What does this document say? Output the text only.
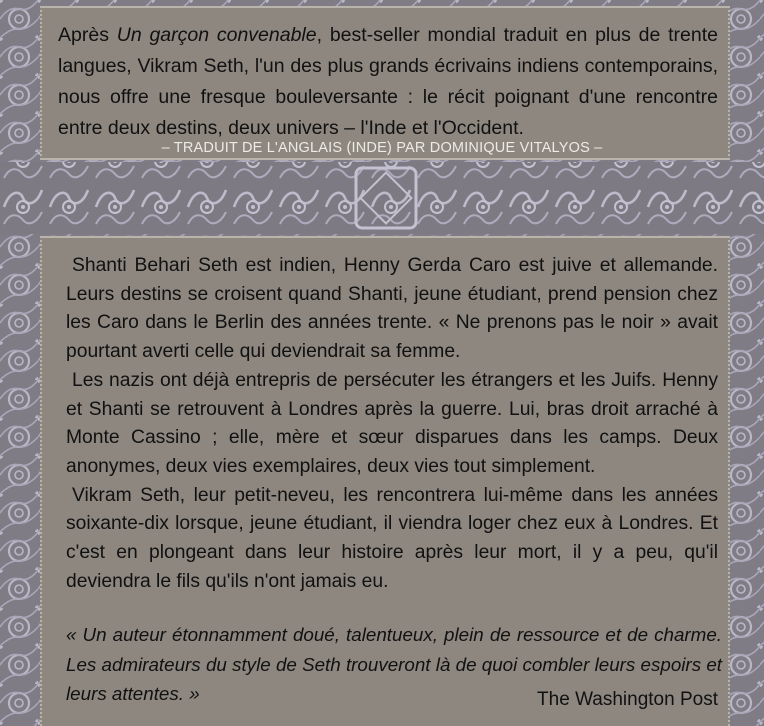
Après Un garçon convenable, best-seller mondial traduit en plus de trente langues, Vikram Seth, l'un des plus grands écrivains indiens contemporains, nous offre une fresque bouleversante : le récit poignant d'une rencontre entre deux destins, deux univers – l'Inde et l'Occident.

– TRADUIT DE L'ANGLAIS (INDE) PAR DOMINIQUE VITALYOS –

Shanti Behari Seth est indien, Henny Gerda Caro est juive et allemande. Leurs destins se croisent quand Shanti, jeune étudiant, prend pension chez les Caro dans le Berlin des années trente. « Ne prenons pas le noir » avait pourtant averti celle qui deviendrait sa femme.

Les nazis ont déjà entrepris de persécuter les étrangers et les Juifs. Henny et Shanti se retrouvent à Londres après la guerre. Lui, bras droit arraché à Monte Cassino ; elle, mère et sœur disparues dans les camps. Deux anonymes, deux vies exemplaires, deux vies tout simplement.

Vikram Seth, leur petit-neveu, les rencontrera lui-même dans les années soixante-dix lorsque, jeune étudiant, il viendra loger chez eux à Londres. Et c'est en plongeant dans leur histoire après leur mort, il y a peu, qu'il deviendra le fils qu'ils n'ont jamais eu.

« Un auteur étonnamment doué, talentueux, plein de ressource et de charme. Les admirateurs du style de Seth trouveront là de quoi combler leurs espoirs et leurs attentes. »	The Washington Post
